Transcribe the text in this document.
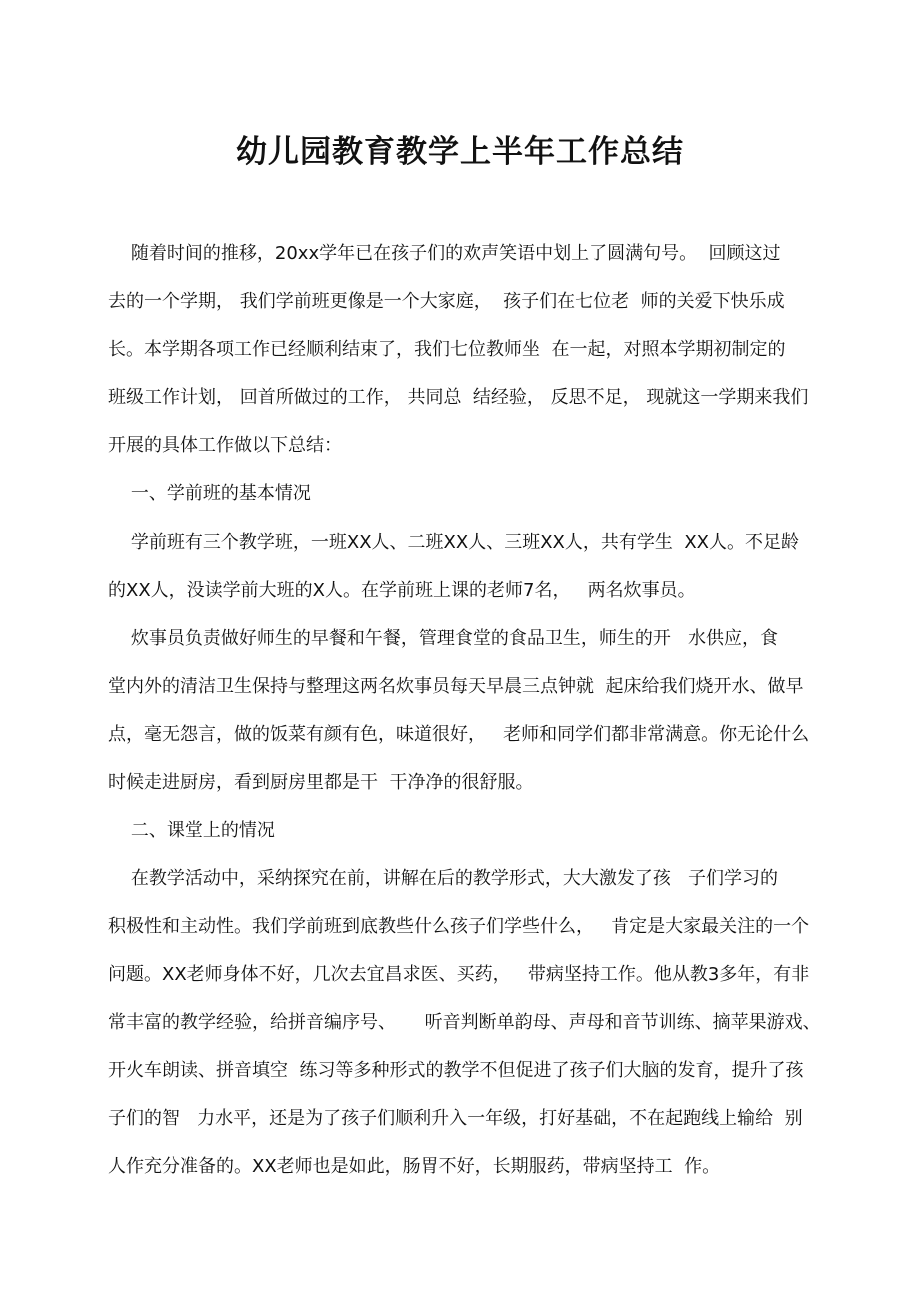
幼儿园教育教学上半年工作总结

随着时间的推移，20xx学年已在孩子们的欢声笑语中划上了圆满句号。  回顾这过

去的一个学期， 我们学前班更像是一个大家庭，  孩子们在七位老  师的关爱下快乐成

长。本学期各项工作已经顺利结束了，我们七位教师坐  在一起，对照本学期初制定的

班级工作计划， 回首所做过的工作， 共同总  结经验， 反思不足， 现就这一学期来我们

开展的具体工作做以下总结：

一、学前班的基本情况

学前班有三个教学班，一班XX人、二班XX人、三班XX人，共有学生  XX人。不足龄

的XX人，没读学前大班的X人。在学前班上课的老师7名，   两名炊事员。

炊事员负责做好师生的早餐和午餐，管理食堂的食品卫生，师生的开   水供应，食

堂内外的清洁卫生保持与整理这两名炊事员每天早晨三点钟就  起床给我们烧开水、做早

点，毫无怨言，做的饭菜有颜有色，味道很好，   老师和同学们都非常满意。你无论什么

时候走进厨房，看到厨房里都是干  干净净的很舒服。

二、课堂上的情况

在教学活动中，采纳探究在前，讲解在后的教学形式，大大激发了孩   子们学习的

积极性和主动性。我们学前班到底教些什么孩子们学些什么，   肯定是大家最关注的一个

问题。XX老师身体不好，几次去宜昌求医、买药，   带病坚持工作。他从教3多年，有非

常丰富的教学经验，给拼音编序号、     听音判断单韵母、声母和音节训练、摘苹果游戏、

开火车朗读、拼音填空  练习等多种形式的教学不但促进了孩子们大脑的发育，提升了孩

子们的智   力水平，还是为了孩子们顺利升入一年级，打好基础，不在起跑线上输给  别

人作充分准备的。XX老师也是如此，肠胃不好，长期服药，带病坚持工  作。
